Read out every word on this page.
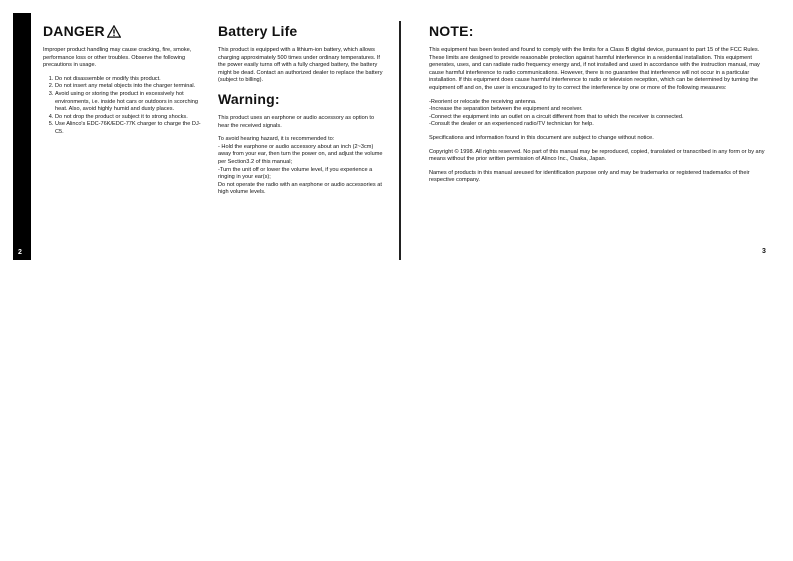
2
DANGER

Improper product handling may cause cracking, fire, smoke, performance loss or other troubles. Observe the following precautions in usage.

1. Do not disassemble or modify this product.
2. Do not insert any metal objects into the charger terminal.
3. Avoid using or storing the product in excessively hot environments, i.e. inside hot cars or outdoors in scorching heat. Also, avoid highly humid and dusty places.
4. Do not drop the product or subject it to strong shocks.
5. Use Alinco's EDC-76K/EDC-77K charger to charge the DJ-C5.
Battery Life

This product is equipped with a lithium-ion battery, which allows charging approximately 500 times under ordinary temperatures. If the power easily turns off with a fully charged battery, the battery might be dead. Contact an authorized dealer to replace the battery (subject to billing).

Warning:

This product uses an earphone or audio accessory as option to hear the received signals.

To avoid hearing hazard, it is recommended to:
- Hold the earphone or audio accessory about an inch (2~3cm) away from your ear, then turn the power on, and adjust the volume per Section3.2 of this manual;
-Turn the unit off or lower the volume level, if you experience a ringing in your ear(s);
Do not operate the radio with an earphone or audio accessories at high volume levels.
NOTE:

This equipment has been tested and found to comply with the limits for a Class B digital device, pursuant to part 15 of the FCC Rules. These limits are designed to provide reasonable protection against harmful interference in a residential installation. This equipment generates, uses, and can radiate radio frequency energy and, if not installed and used in accordance with the instruction manual, may cause harmful interference to radio communications. However, there is no guarantee that interference will not occur in a particular installation. If this equipment does cause harmful interference to radio or television reception, which can be determined by turning the equipment off and on, the user is encouraged to try to correct the interference by one or more of the following measures:

-Reorient or relocate the receiving antenna.
-Increase the separation between the equipment and receiver.
-Connect the equipment into an outlet on a circuit different from that to which the receiver is connected.
-Consult the dealer or an experienced radio/TV technician for help.

Specifications and information found in this document are subject to change without notice.

Copyright © 1998. All rights reserved. No part of this manual may be reproduced, copied, translated or transcribed in any form or by any means without the prior written permission of Alinco Inc., Osaka, Japan.

Names of products in this manual areused for identification purpose only and may be trademarks or registered trademarks of their respective company.

3
